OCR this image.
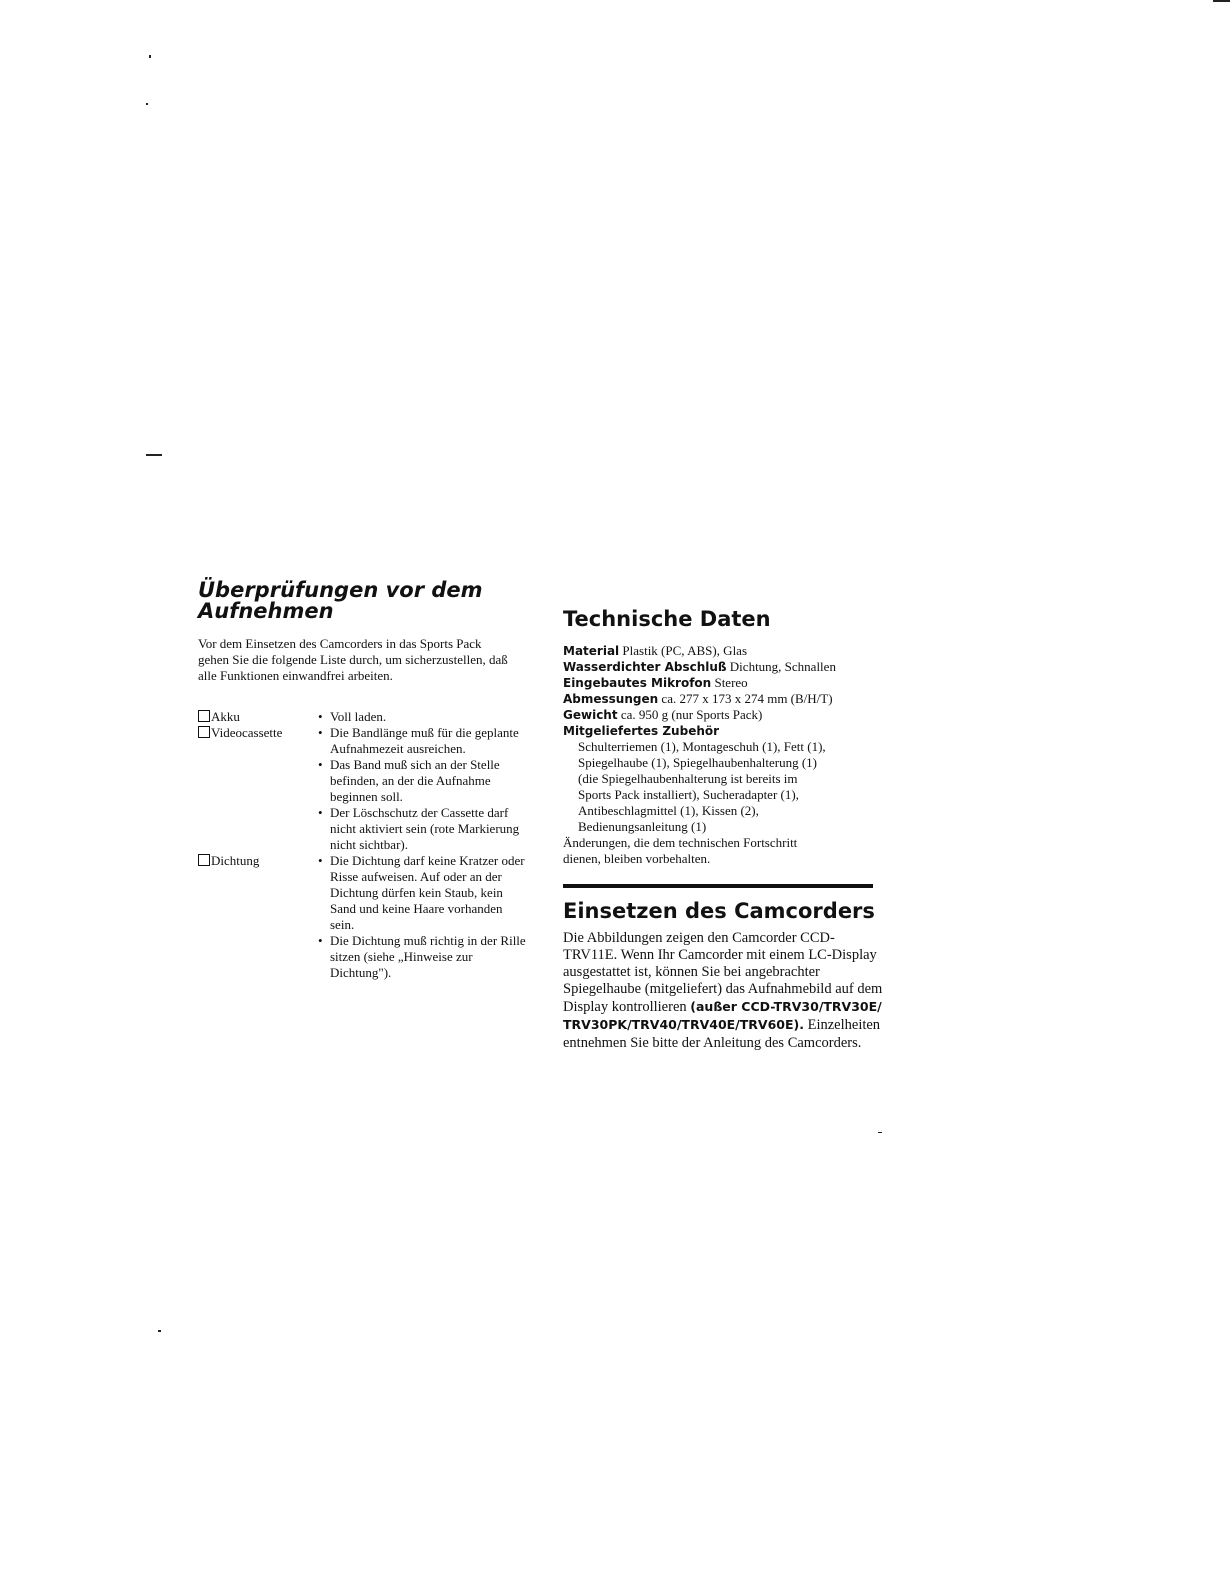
Überprüfungen vor dem
Aufnehmen

Vor dem Einsetzen des Camcorders in das Sports Pack gehen Sie die folgende Liste durch, um sicherzustellen, daß alle Funktionen einwandfrei arbeiten.

Akku	• Voll laden.
Videocassette	• Die Bandlänge muß für die geplante Aufnahmezeit ausreichen.
• Das Band muß sich an der Stelle befinden, an der die Aufnahme beginnen soll.
• Der Löschschutz der Cassette darf nicht aktiviert sein (rote Markierung nicht sichtbar).
Dichtung	• Die Dichtung darf keine Kratzer oder Risse aufweisen. Auf oder an der Dichtung dürfen kein Staub, kein Sand und keine Haare vorhanden sein.
• Die Dichtung muß richtig in der Rille sitzen (siehe „Hinweise zur Dichtung").
Technische Daten

Material Plastik (PC, ABS), Glas

Wasserdichter Abschluß Dichtung, Schnallen

Eingebautes Mikrofon Stereo

Abmessungen ca. 277 x 173 x 274 mm (B/H/T)

Gewicht ca. 950 g (nur Sports Pack)

Mitgeliefertes Zubehör

Schulterriemen (1), Montageschuh (1), Fett (1),

Spiegelhaube (1), Spiegelhaubenhalterung (1)

(die Spiegelhaubenhalterung ist bereits im

Sports Pack installiert), Sucheradapter (1),

Antibeschlagmittel (1), Kissen (2),

Bedienungsanleitung (1)

Änderungen, die dem technischen Fortschritt

dienen, bleiben vorbehalten.

Einsetzen des Camcorders

Die Abbildungen zeigen den Camcorder CCD-TRV11E. Wenn Ihr Camcorder mit einem LC-Display ausgestattet ist, können Sie bei angebrachter Spiegelhaube (mitgeliefert) das Aufnahmebild auf dem Display kontrollieren (außer CCD-TRV30/TRV30E/ TRV30PK/TRV40/TRV40E/TRV60E). Einzelheiten entnehmen Sie bitte der Anleitung des Camcorders.
